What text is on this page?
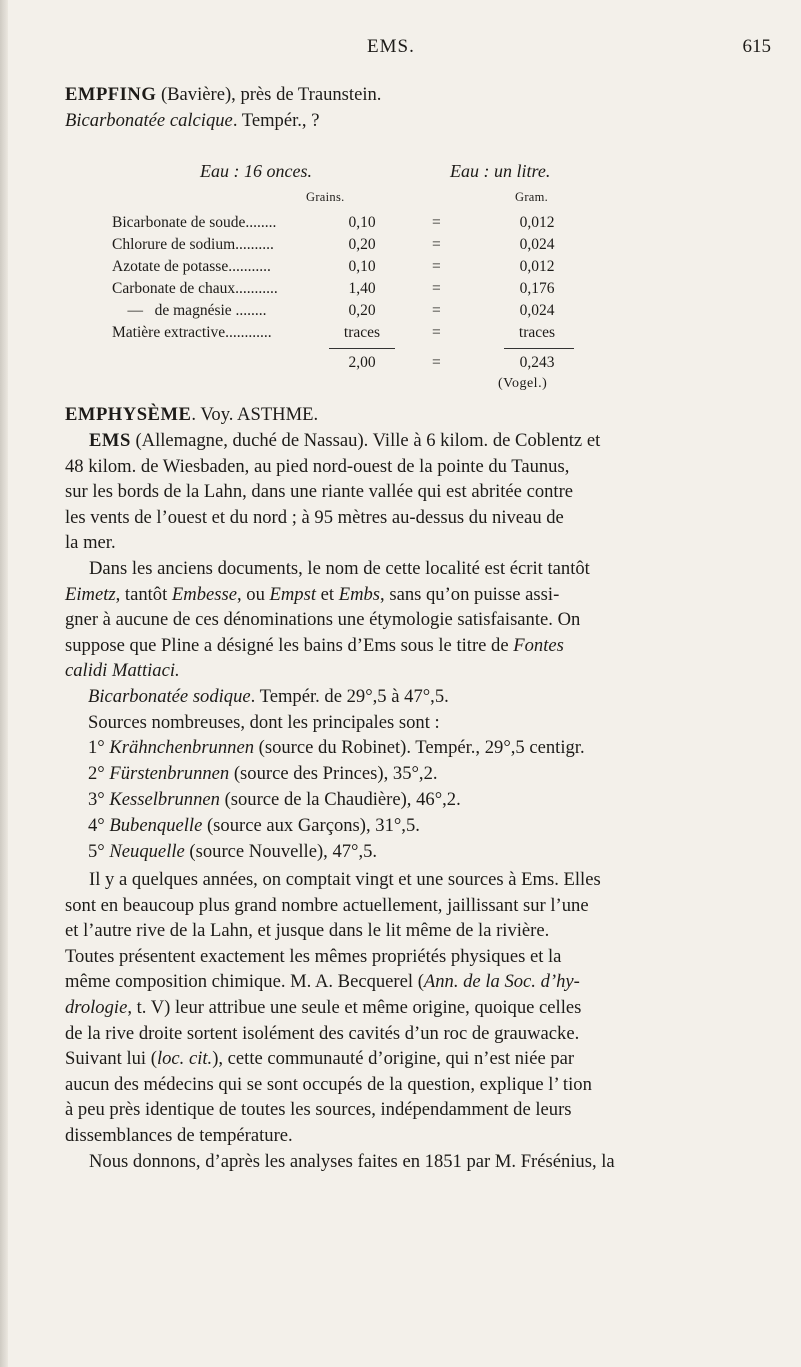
EMS.	615
EMPFING (Bavière), près de Traunstein.
Bicarbonatée calcique. Tempér., ?
Eau : 16 onces.	Eau : un litre.
Grains.	Gram.
Bicarbonate de soude........	0,10	=	0,012
Chlorure de sodium..........	0,20	=	0,024
Azotate de potasse...........	0,10	=	0,012
Carbonate de chaux...........	1,40	=	0,176
—   de magnésie ........	0,20	=	0,024
Matière extractive............	traces	=	traces
2,00	=	0,243
(Vogel.)
EMPHYSÈME. Voy. ASTHME.
EMS (Allemagne, duché de Nassau). Ville à 6 kilom. de Coblentz et
48 kilom. de Wiesbaden, au pied nord-ouest de la pointe du Taunus,
sur les bords de la Lahn, dans une riante vallée qui est abritée contre
les vents de l’ouest et du nord ; à 95 mètres au-dessus du niveau de
la mer.
Dans les anciens documents, le nom de cette localité est écrit tantôt
Eimetz, tantôt Embesse, ou Empst et Embs, sans qu’on puisse assi-
gner à aucune de ces dénominations une étymologie satisfaisante. On
suppose que Pline a désigné les bains d’Ems sous le titre de Fontes
calidi Mattiaci.
Bicarbonatée sodique. Tempér. de 29°,5 à 47°,5.
Sources nombreuses, dont les principales sont :
1° Krähnchenbrunnen (source du Robinet). Tempér., 29°,5 centigr.
2° Fürstenbrunnen (source des Princes), 35°,2.
3° Kesselbrunnen (source de la Chaudière), 46°,2.
4° Bubenquelle (source aux Garçons), 31°,5.
5° Neuquelle (source Nouvelle), 47°,5.
Il y a quelques années, on comptait vingt et une sources à Ems. Elles
sont en beaucoup plus grand nombre actuellement, jaillissant sur l’une
et l’autre rive de la Lahn, et jusque dans le lit même de la rivière.
Toutes présentent exactement les mêmes propriétés physiques et la
même composition chimique. M. A. Becquerel (Ann. de la Soc. d’hy-
drologie, t. V) leur attribue une seule et même origine, quoique celles
de la rive droite sortent isolément des cavités d’un roc de grauwacke.
Suivant lui (loc. cit.), cette communauté d’origine, qui n’est niée par
aucun des médecins qui se sont occupés de la question, explique l’ tion
à peu près identique de toutes les sources, indépendamment de leurs
dissemblances de température.
Nous donnons, d’après les analyses faites en 1851 par M. Frésénius, la
